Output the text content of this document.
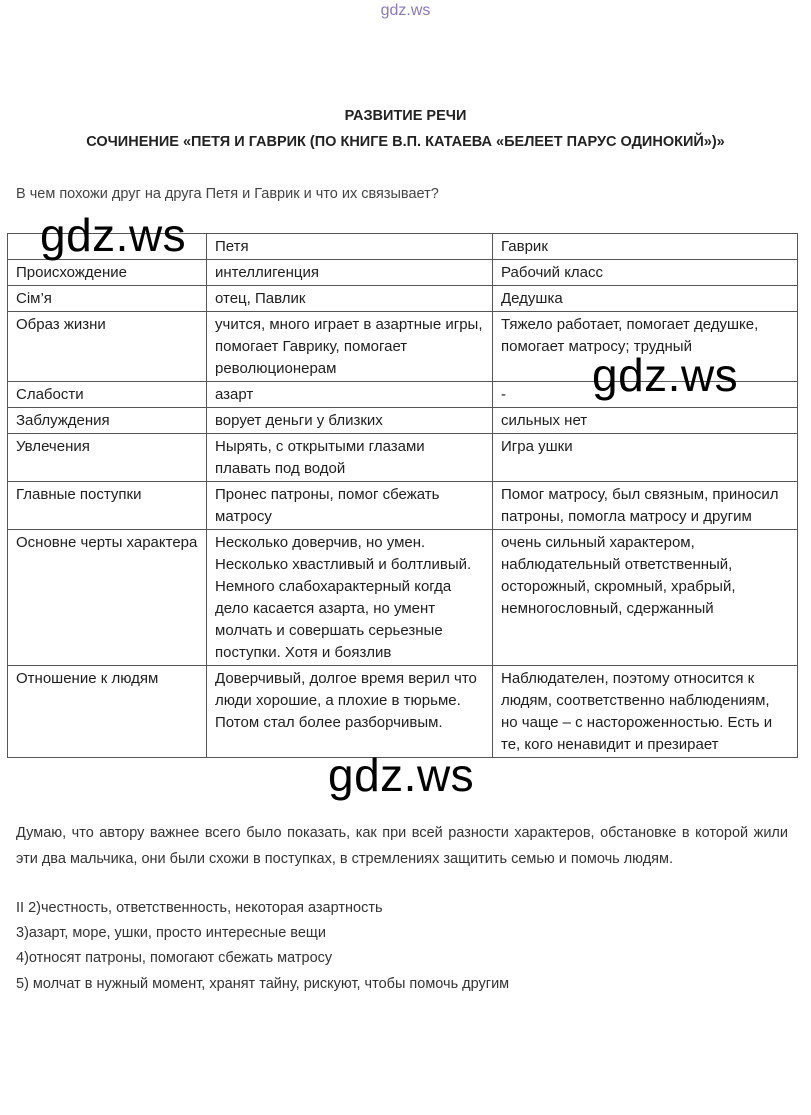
gdz.ws
РАЗВИТИЕ РЕЧИ
СОЧИНЕНИЕ «ПЕТЯ И ГАВРИК (ПО КНИГЕ В.П. КАТАЕВА «БЕЛЕЕТ ПАРУС ОДИНОКИЙ»)»
В чем похожи друг на друга Петя и Гаврик и что их связывает?
	Петя	Гаврик
Происхождение	интеллигенция	Рабочий класс
Сім’я	отец, Павлик	Дедушка
Образ жизни	учится, много играет в азартные игры, помогает Гаврику, помогает революционерам	Тяжело работает, помогает дедушке, помогает матросу; трудный
Слабости	азарт	-
Заблуждения	ворует деньги у близких	сильных нет
Увлечения	Нырять, с открытыми глазами плавать под водой	Игра ушки
Главные поступки	Пронес патроны, помог сбежать матросу	Помог матросу, был связным, приносил патроны, помогла матросу и другим
Основне черты характера	Несколько доверчив, но умен. Несколько хвастливый и болтливый. Немного слабохарактерный когда дело касается азарта, но умент молчать и совершать серьезные поступки. Хотя и боязлив	очень сильный характером, наблюдательный ответственный, осторожный, скромный, храбрый, немногословный, сдержанный
Отношение к людям	Доверчивый, долгое время верил что люди хорошие, а плохие в тюрьме. Потом стал более разборчивым.	Наблюдателен, поэтому относится к людям, соответственно наблюдениям, но чаще – с настороженностью. Есть и те, кого ненавидит и презирает
gdz.ws
gdz.ws
gdz.ws
Думаю, что автору важнее всего было показать, как при всей разности характеров, обстановке в которой жили эти два мальчика, они были схожи в поступках, в стремлениях защитить семью и помочь людям.
II 2)честность, ответственность, некоторая азартность
3)азарт, море, ушки, просто интересные вещи
4)относят патроны, помогают сбежать матросу
5) молчат в нужный момент, хранят тайну, рискуют, чтобы помочь другим
